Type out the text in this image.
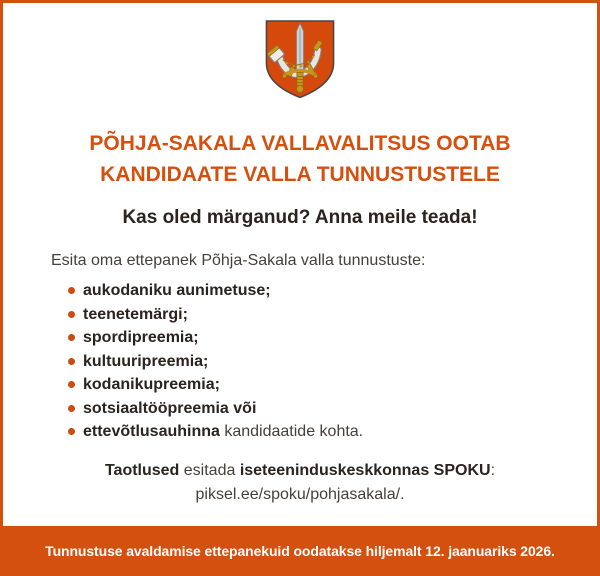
PÕHJA-SAKALA VALLAVALITSUS OOTAB
KANDIDAATE VALLA TUNNUSTUSTELE
Kas oled märganud? Anna meile teada!

Esita oma ettepanek Põhja-Sakala valla tunnustuste:

aukodaniku aunimetuse;
teenetemärgi;
spordipreemia;
kultuuripreemia;
kodanikupreemia;
sotsiaaltööpreemia või
ettevõtlusauhinna kandidaatide kohta.

Taotlused esitada iseteeninduskeskkonnas SPOKU:

piksel.ee/spoku/pohjasakala/.

Tunnustuse avaldamise ettepanekuid oodatakse hiljemalt 12. jaanuariks 2026.
